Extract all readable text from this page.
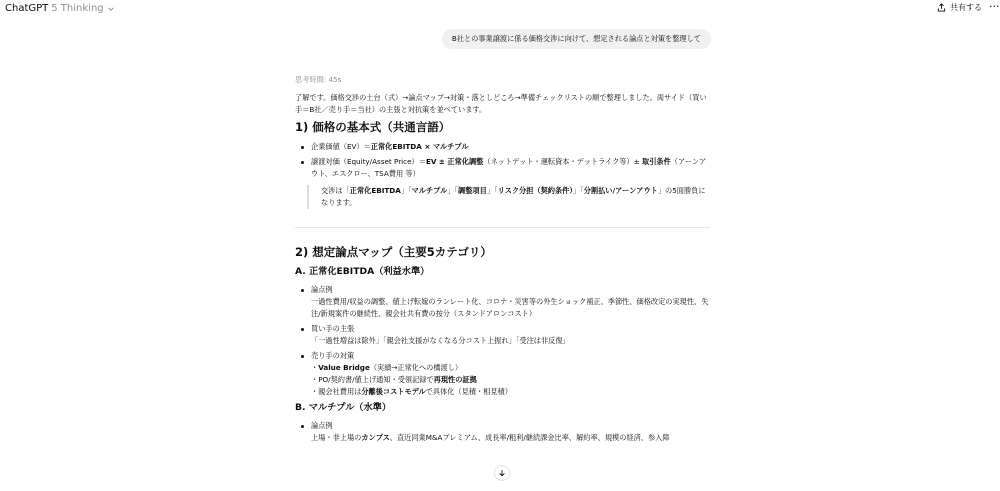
ChatGPT 5 Thinking	共有する ···
B社との事業譲渡に係る価格交渉に向けて、想定される論点と対策を整理して
思考時間: 45s
了解です。価格交渉の土台（式）→論点マップ→対策・落としどころ→準備チェックリストの順で整理しました。両サイド（買い手＝B社／売り手＝当社）の主張と対抗策を並べています。
1) 価格の基本式（共通言語）
企業価値（EV）＝正常化EBITDA × マルチプル
譲渡対価（Equity/Asset Price）＝EV ± 正常化調整（ネットデット・運転資本・デットライク等）± 取引条件（アーンアウト、エスクロー、TSA費用 等）
交渉は「正常化EBITDA」「マルチプル」「調整項目」「リスク分担（契約条件）」「分割払い/アーンアウト」の5面勝負になります。
2) 想定論点マップ（主要5カテゴリ）
A. 正常化EBITDA（利益水準）
論点例
一過性費用/収益の調整、値上げ転嫁のランレート化、コロナ・災害等の外生ショック補正、季節性、価格改定の実現性、失注/新規案件の継続性、親会社共有費の按分（スタンドアロンコスト）
買い手の主張
「一過性増益は除外」「親会社支援がなくなる分コスト上振れ」「受注は非反復」
売り手の対策
・Value Bridge（実績→正常化への橋渡し）
・PO/契約書/値上げ通知・受領記録で再現性の証拠
・親会社費用は分離後コストモデルで具体化（見積・相見積）
B. マルチプル（水準）
論点例
上場・非上場のカンプス、直近同業M&Aプレミアム、成長率/粗利/継続課金比率、解約率、規模の経済、参入障
